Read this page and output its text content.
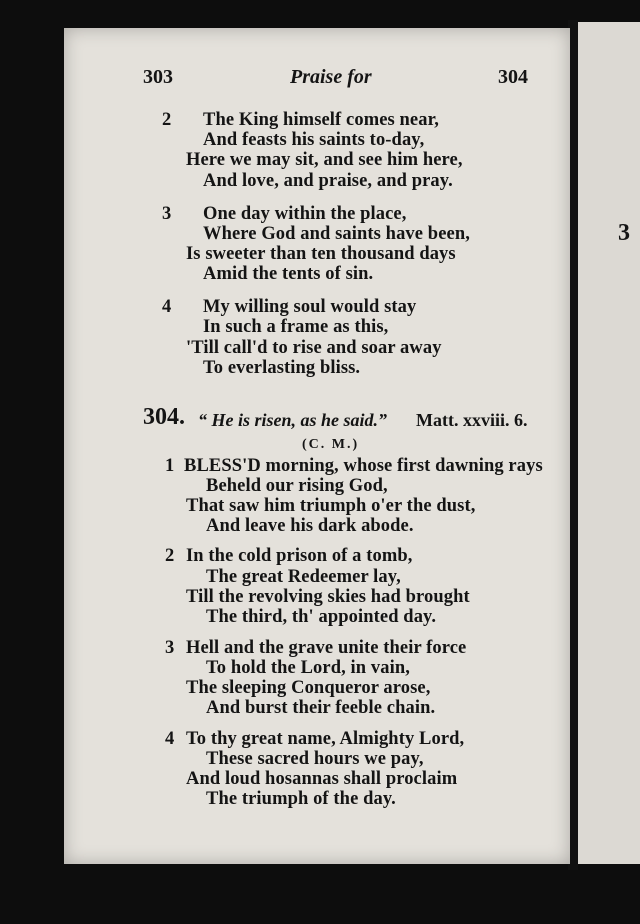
3
303	Praise for	304
2 The King himself comes near,
And feasts his saints to-day,
Here we may sit, and see him here,
And love, and praise, and pray.
3 One day within the place,
Where God and saints have been,
Is sweeter than ten thousand days
Amid the tents of sin.
4 My willing soul would stay
In such a frame as this,
'Till call'd to rise and soar away
To everlasting bliss.
304. “ He is risen, as he said.” Matt. xxviii. 6.
(C. M.)
1 BLESS'D morning, whose first dawning rays
Beheld our rising God,
That saw him triumph o'er the dust,
And leave his dark abode.
2 In the cold prison of a tomb,
The great Redeemer lay,
Till the revolving skies had brought
The third, th' appointed day.
3 Hell and the grave unite their force
To hold the Lord, in vain,
The sleeping Conqueror arose,
And burst their feeble chain.
4 To thy great name, Almighty Lord,
These sacred hours we pay,
And loud hosannas shall proclaim
The triumph of the day.
